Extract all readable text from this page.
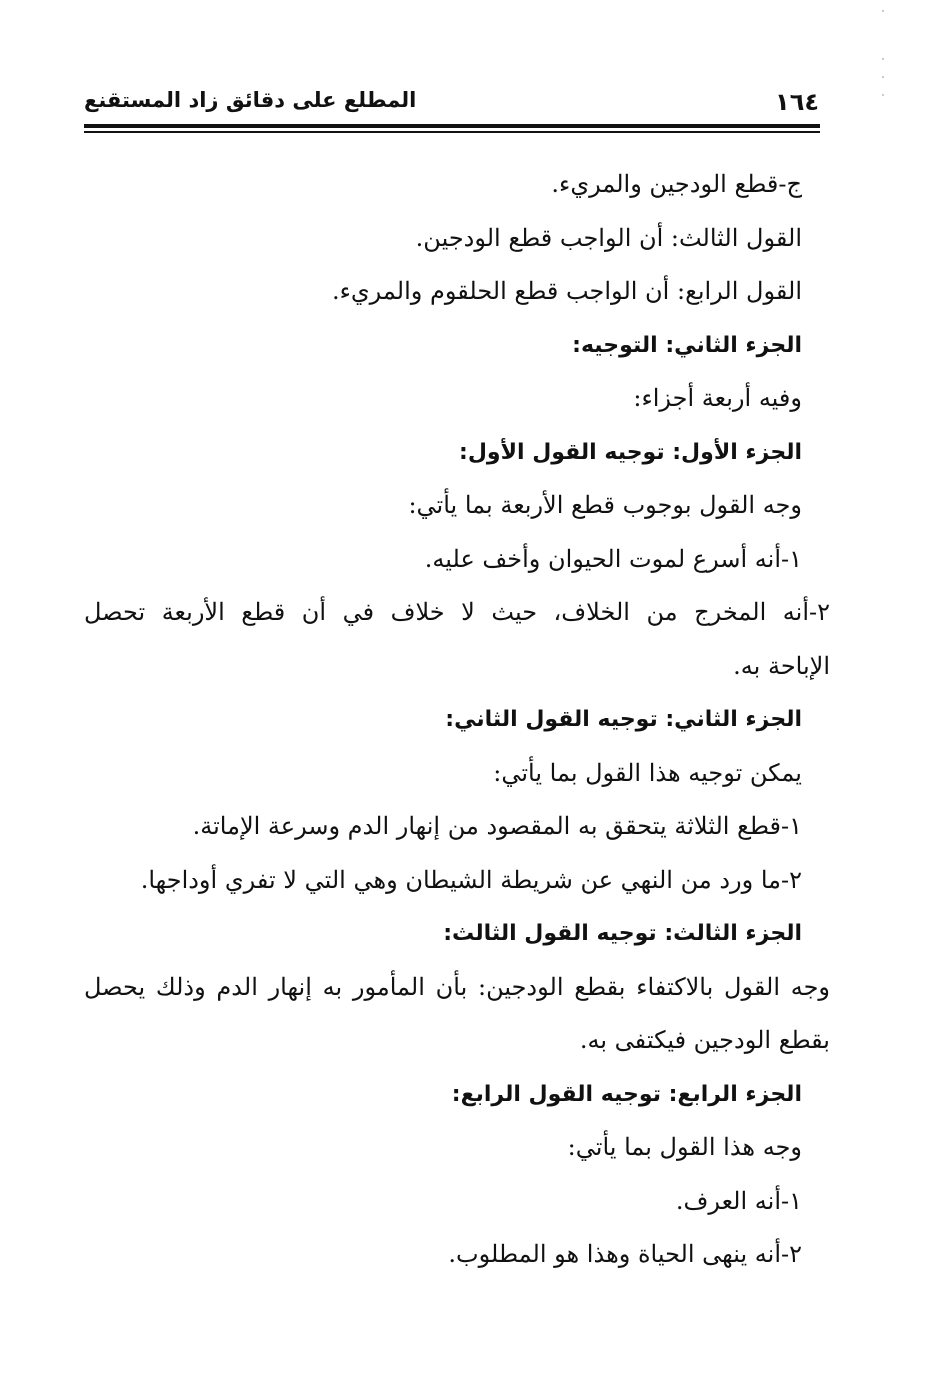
١٦٤
المطلع على دقائق زاد المستقنع
ج-قطع الودجين والمريء.
القول الثالث: أن الواجب قطع الودجين.
القول الرابع: أن الواجب قطع الحلقوم والمريء.
الجزء الثاني: التوجيه:
وفيه أربعة أجزاء:
الجزء الأول: توجيه القول الأول:
وجه القول بوجوب قطع الأربعة بما يأتي:
١-أنه أسرع لموت الحيوان وأخف عليه.
٢-أنه المخرج من الخلاف، حيث لا خلاف في أن قطع الأربعة تحصل
الإباحة به.
الجزء الثاني: توجيه القول الثاني:
يمكن توجيه هذا القول بما يأتي:
١-قطع الثلاثة يتحقق به المقصود من إنهار الدم وسرعة الإماتة.
٢-ما ورد من النهي عن شريطة الشيطان وهي التي لا تفري أوداجها.
الجزء الثالث: توجيه القول الثالث:
وجه القول بالاكتفاء بقطع الودجين: بأن المأمور به إنهار الدم وذلك يحصل
بقطع الودجين فيكتفى به.
الجزء الرابع: توجيه القول الرابع:
وجه هذا القول بما يأتي:
١-أنه العرف.
٢-أنه ينهى الحياة وهذا هو المطلوب.
